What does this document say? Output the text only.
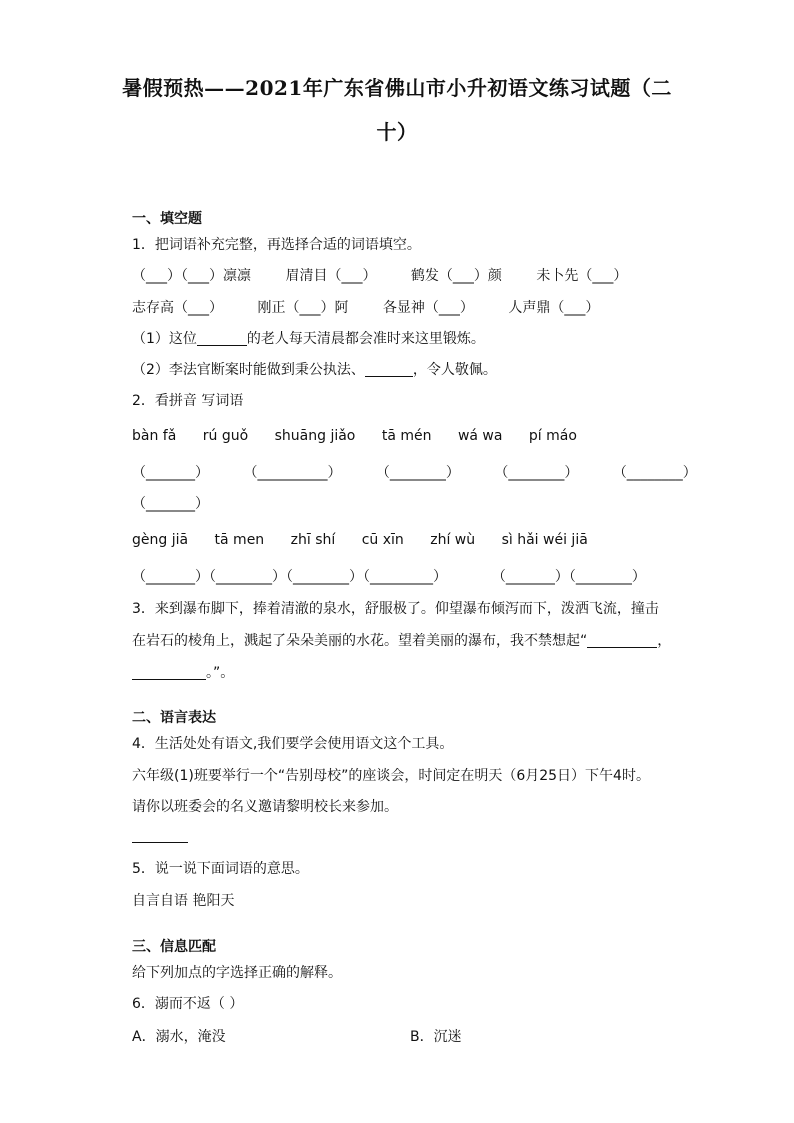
暑假预热——2021年广东省佛山市小升初语文练习试题（二
十）
一、填空题
1．把词语补充完整，再选择合适的词语填空。
（___）（___）凛凛 眉清目（___） 鹤发（___）颜 未卜先（___）
志存高（___） 刚正（___）阿 各显神（___） 人声鼎（___）
（1）这位	的老人每天清晨都会准时来这里锻炼。
（2）李法官断案时能做到秉公执法、	，令人敬佩。
2．看拼音 写词语
bàn fǎ rú guǒ shuāng jiǎo tā mén wá wa pí máo
（_______） （__________） （________） （________） （________）
（_______）
gèng jiā tā men zhī shí cū xīn zhí wù sì hǎi wéi jiā
（_______）（________）（________）（_________）	（_______）（________）
3．来到瀑布脚下，捧着清澈的泉水，舒服极了。仰望瀑布倾泻而下，泼洒飞流，撞击
在岩石的棱角上，溅起了朵朵美丽的水花。望着美丽的瀑布，我不禁想起“	，
。”。
二、语言表达
4．生活处处有语文,我们要学会使用语文这个工具。
六年级(1)班要举行一个“告别母校”的座谈会，时间定在明天（6月25日）下午4时。
请你以班委会的名义邀请黎明校长来参加。
5．说一说下面词语的意思。
自言自语 艳阳天
三、信息匹配
给下列加点的字选择正确的解释。
6．溺而不返（ ）
A．溺水，淹没	B．沉迷
